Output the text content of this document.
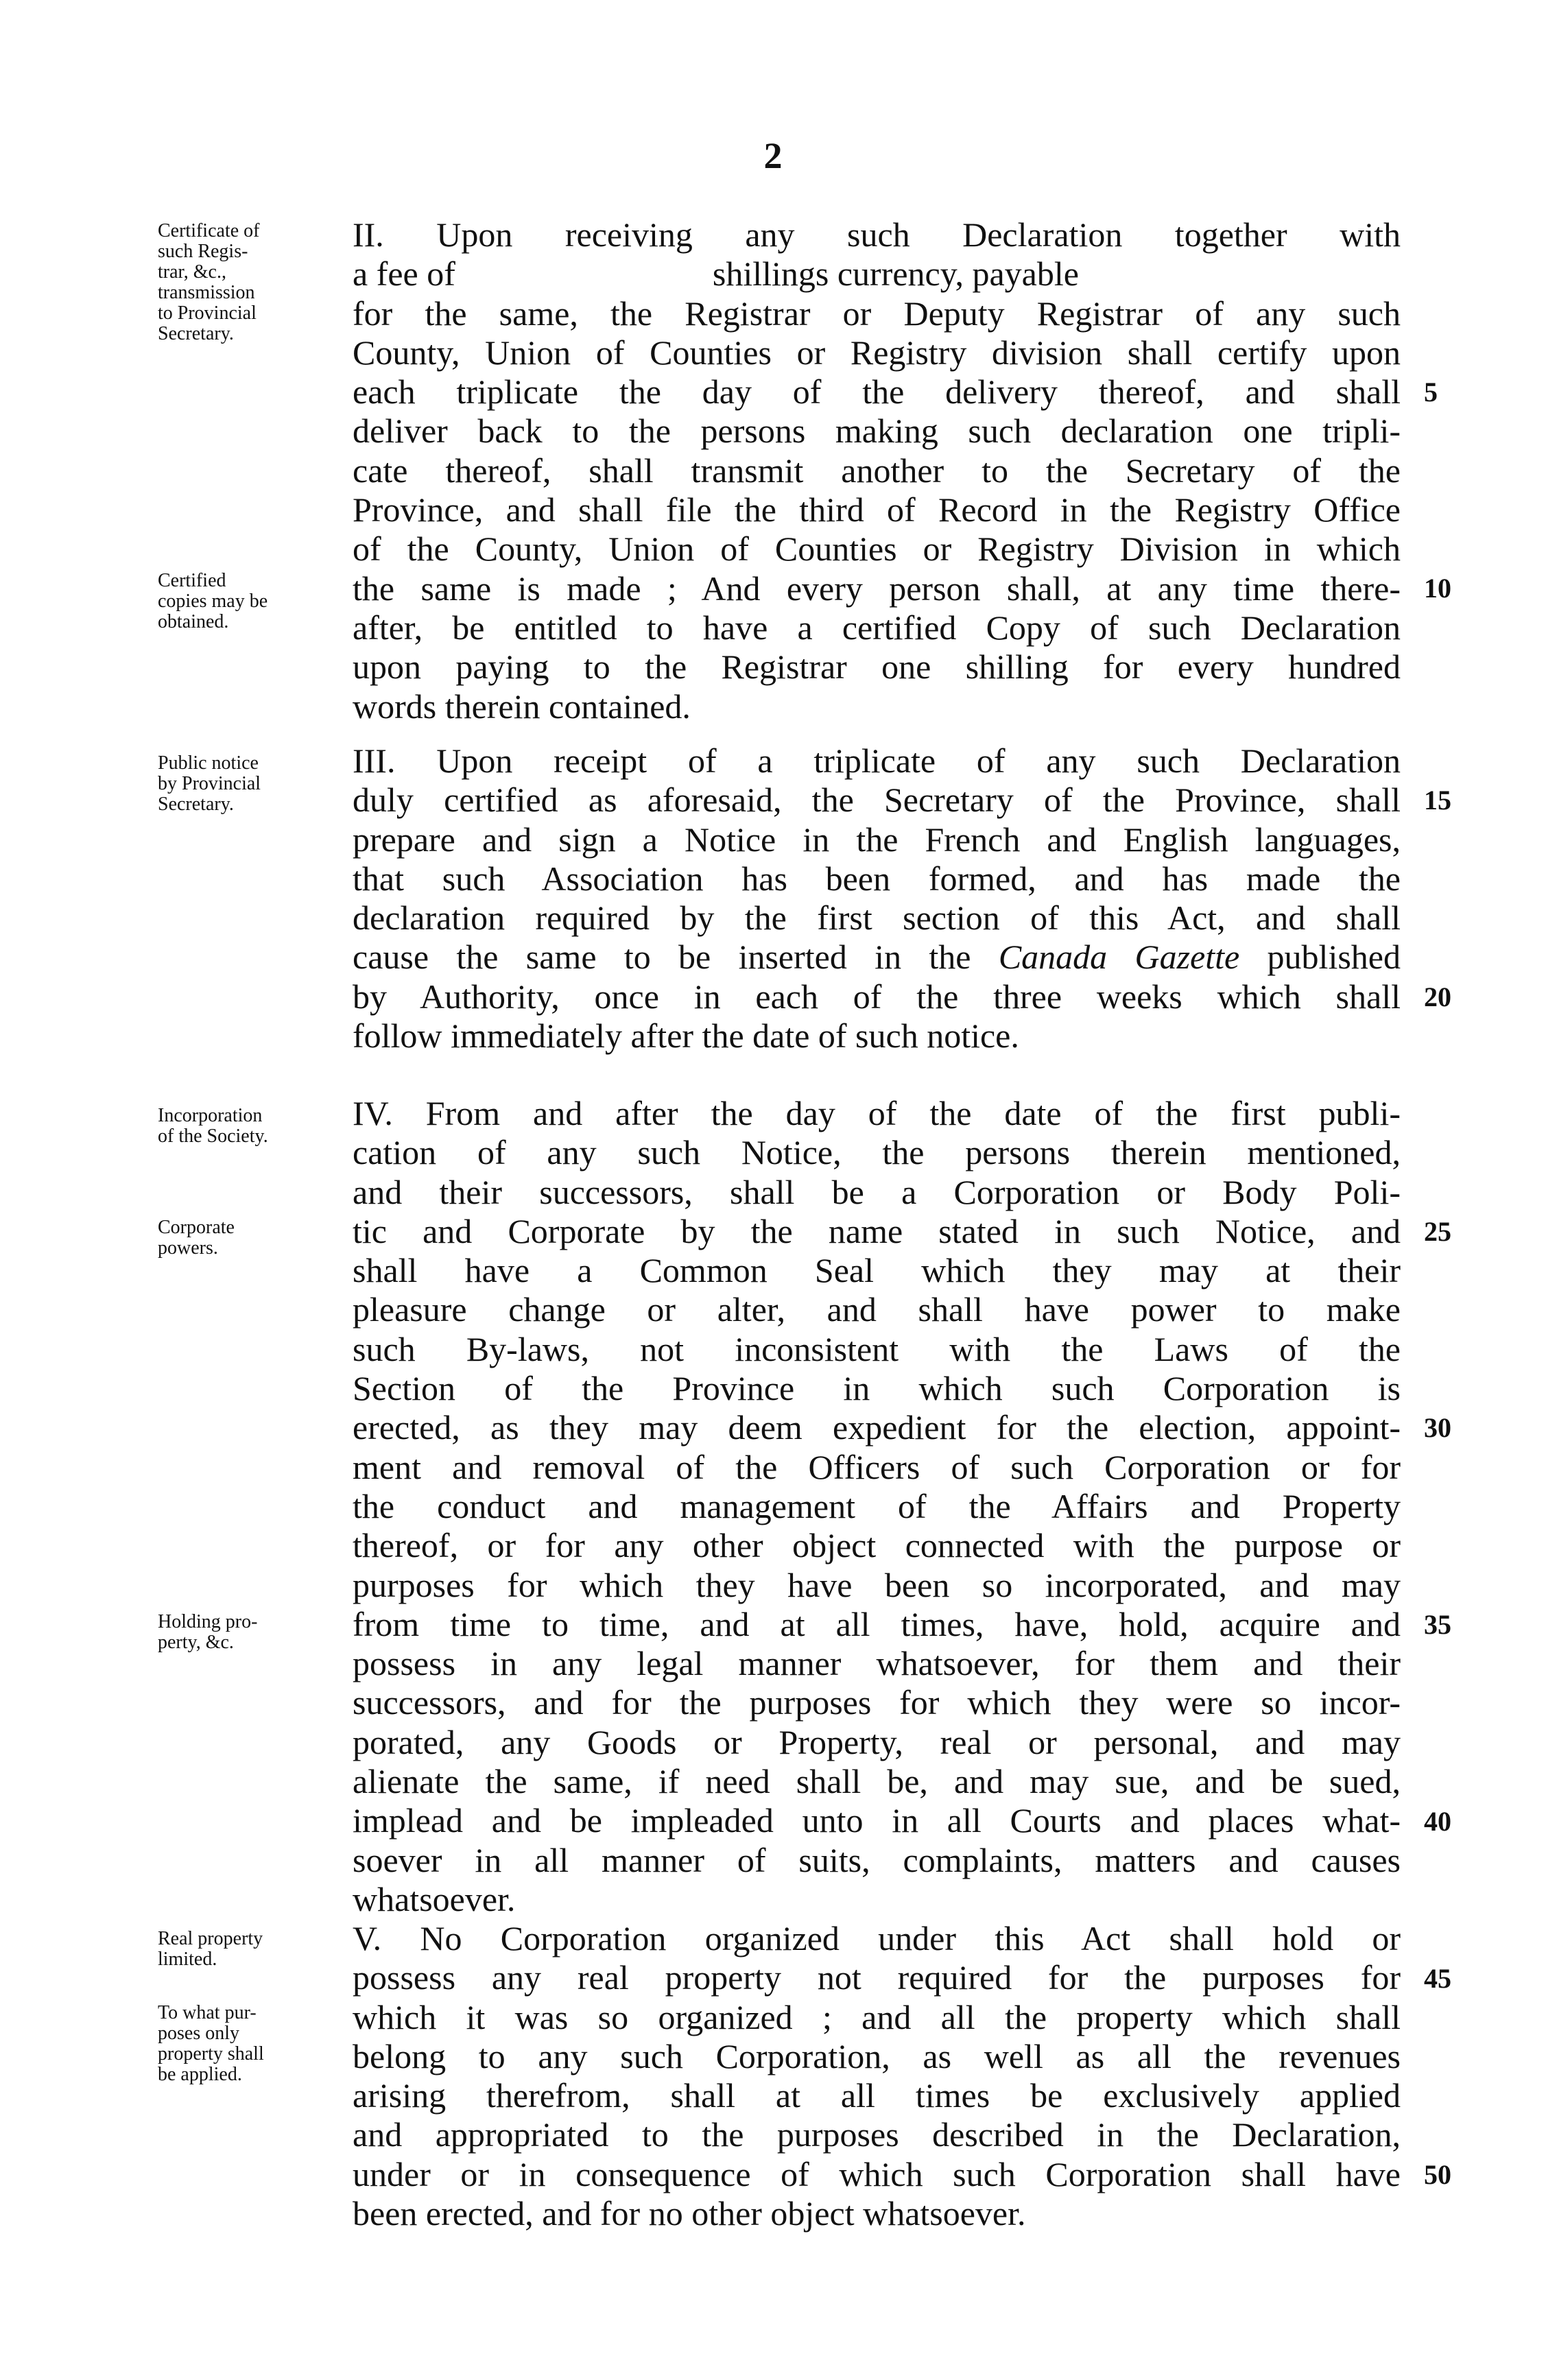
2
II. Upon receiving any such Declaration together with
a fee of                              shillings currency, payable
for the same, the Registrar or Deputy Registrar of any such
County, Union of Counties or Registry division shall certify upon
each triplicate the day of the delivery thereof, and shall
deliver back to the persons making such declaration one tripli-
cate thereof, shall transmit another to the Secretary of the
Province, and shall file the third of Record in the Registry Office
of the County, Union of Counties or Registry Division in which
the same is made ; And every person shall, at any time there-
after, be entitled to have a certified Copy of such Declaration
upon paying to the Registrar one shilling for every hundred
words therein contained.
III. Upon receipt of a triplicate of any such Declaration
duly certified as aforesaid, the Secretary of the Province, shall
prepare and sign a Notice in the French and English languages,
that such Association has been formed, and has made the
declaration required by the first section of this Act, and shall
cause the same to be inserted in the Canada Gazette published
by Authority, once in each of the three weeks which shall
follow immediately after the date of such notice.
IV. From and after the day of the date of the first publi-
cation of any such Notice, the persons therein mentioned,
and their successors, shall be a Corporation or Body Poli-
tic and Corporate by the name stated in such Notice, and
shall have a Common Seal which they may at their
pleasure change or alter, and shall have power to make
such By-laws, not inconsistent with the Laws of the
Section of the Province in which such Corporation is
erected, as they may deem expedient for the election, appoint-
ment and removal of the Officers of such Corporation or for
the conduct and management of the Affairs and Property
thereof, or for any other object connected with the purpose or
purposes for which they have been so incorporated, and may
from time to time, and at all times, have, hold, acquire and
possess in any legal manner whatsoever, for them and their
successors, and for the purposes for which they were so incor-
porated, any Goods or Property, real or personal, and may
alienate the same, if need shall be, and may sue, and be sued,
implead and be impleaded unto in all Courts and places what-
soever in all manner of suits, complaints, matters and causes
whatsoever.
V. No Corporation organized under this Act shall hold or
possess any real property not required for the purposes for
which it was so organized ; and all the property which shall
belong to any such Corporation, as well as all the revenues
arising therefrom, shall at all times be exclusively applied
and appropriated to the purposes described in the Declaration,
under or in consequence of which such Corporation shall have
been erected, and for no other object whatsoever.
Certificate of
such Regis-
trar, &c.,
transmission
to Provincial
Secretary.
Certified
copies may be
obtained.
Public notice
by Provincial
Secretary.
Incorporation
of the Society.
Corporate
powers.
Holding pro-
perty, &c.
Real property
limited.
To what pur-
poses only
property shall
be applied.
5
10
15
20
25
30
35
40
45
50
